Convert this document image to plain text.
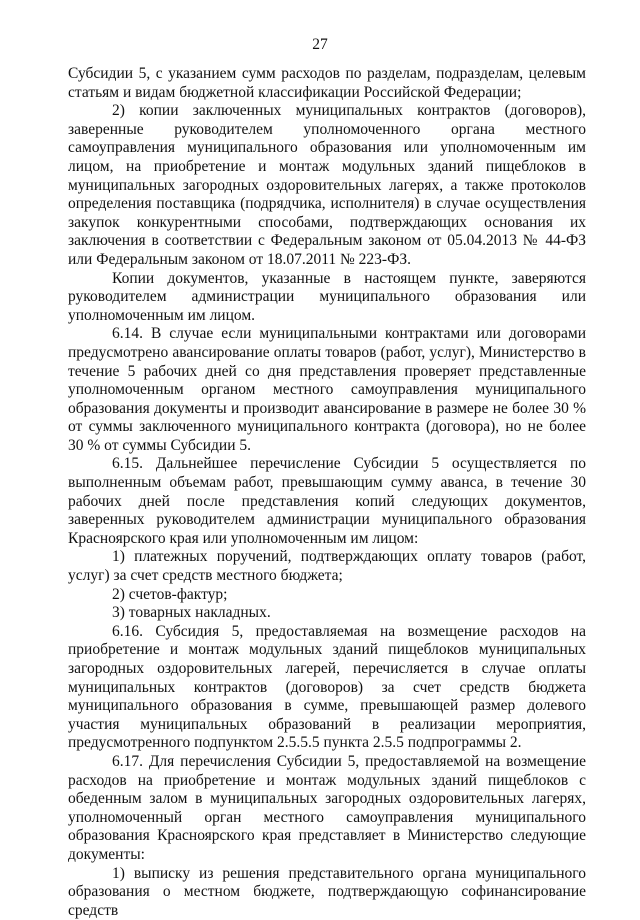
27

Субсидии 5, с указанием сумм расходов по разделам, подразделам, целевым статьям и видам бюджетной классификации Российской Федерации;

2) копии заключенных муниципальных контрактов (договоров), заверенные руководителем уполномоченного органа местного самоуправления муниципального образования или уполномоченным им лицом, на приобретение и монтаж модульных зданий пищеблоков в муниципальных загородных оздоровительных лагерях, а также протоколов определения поставщика (подрядчика, исполнителя) в случае осуществления закупок конкурентными способами, подтверждающих основания их заключения в соответствии с Федеральным законом от 05.04.2013 № 44-ФЗ или Федеральным законом от 18.07.2011 № 223-ФЗ.

Копии документов, указанные в настоящем пункте, заверяются руководителем администрации муниципального образования или уполномоченным им лицом.

6.14. В случае если муниципальными контрактами или договорами предусмотрено авансирование оплаты товаров (работ, услуг), Министерство в течение 5 рабочих дней со дня представления проверяет представленные уполномоченным органом местного самоуправления муниципального образования документы и производит авансирование в размере не более 30 % от суммы заключенного муниципального контракта (договора), но не более 30 % от суммы Субсидии 5.

6.15. Дальнейшее перечисление Субсидии 5 осуществляется по выполненным объемам работ, превышающим сумму аванса, в течение 30 рабочих дней после представления копий следующих документов, заверенных руководителем администрации муниципального образования Красноярского края или уполномоченным им лицом:

1) платежных поручений, подтверждающих оплату товаров (работ, услуг) за счет средств местного бюджета;

2) счетов-фактур;

3) товарных накладных.

6.16. Субсидия 5, предоставляемая на возмещение расходов на приобретение и монтаж модульных зданий пищеблоков муниципальных загородных оздоровительных лагерей, перечисляется в случае оплаты муниципальных контрактов (договоров) за счет средств бюджета муниципального образования в сумме, превышающей размер долевого участия муниципальных образований в реализации мероприятия, предусмотренного подпунктом 2.5.5.5 пункта 2.5.5 подпрограммы 2.

6.17. Для перечисления Субсидии 5, предоставляемой на возмещение расходов на приобретение и монтаж модульных зданий пищеблоков с обеденным залом в муниципальных загородных оздоровительных лагерях, уполномоченный орган местного самоуправления муниципального образования Красноярского края представляет в Министерство следующие документы:

1) выписку из решения представительного органа муниципального образования о местном бюджете, подтверждающую софинансирование средств
